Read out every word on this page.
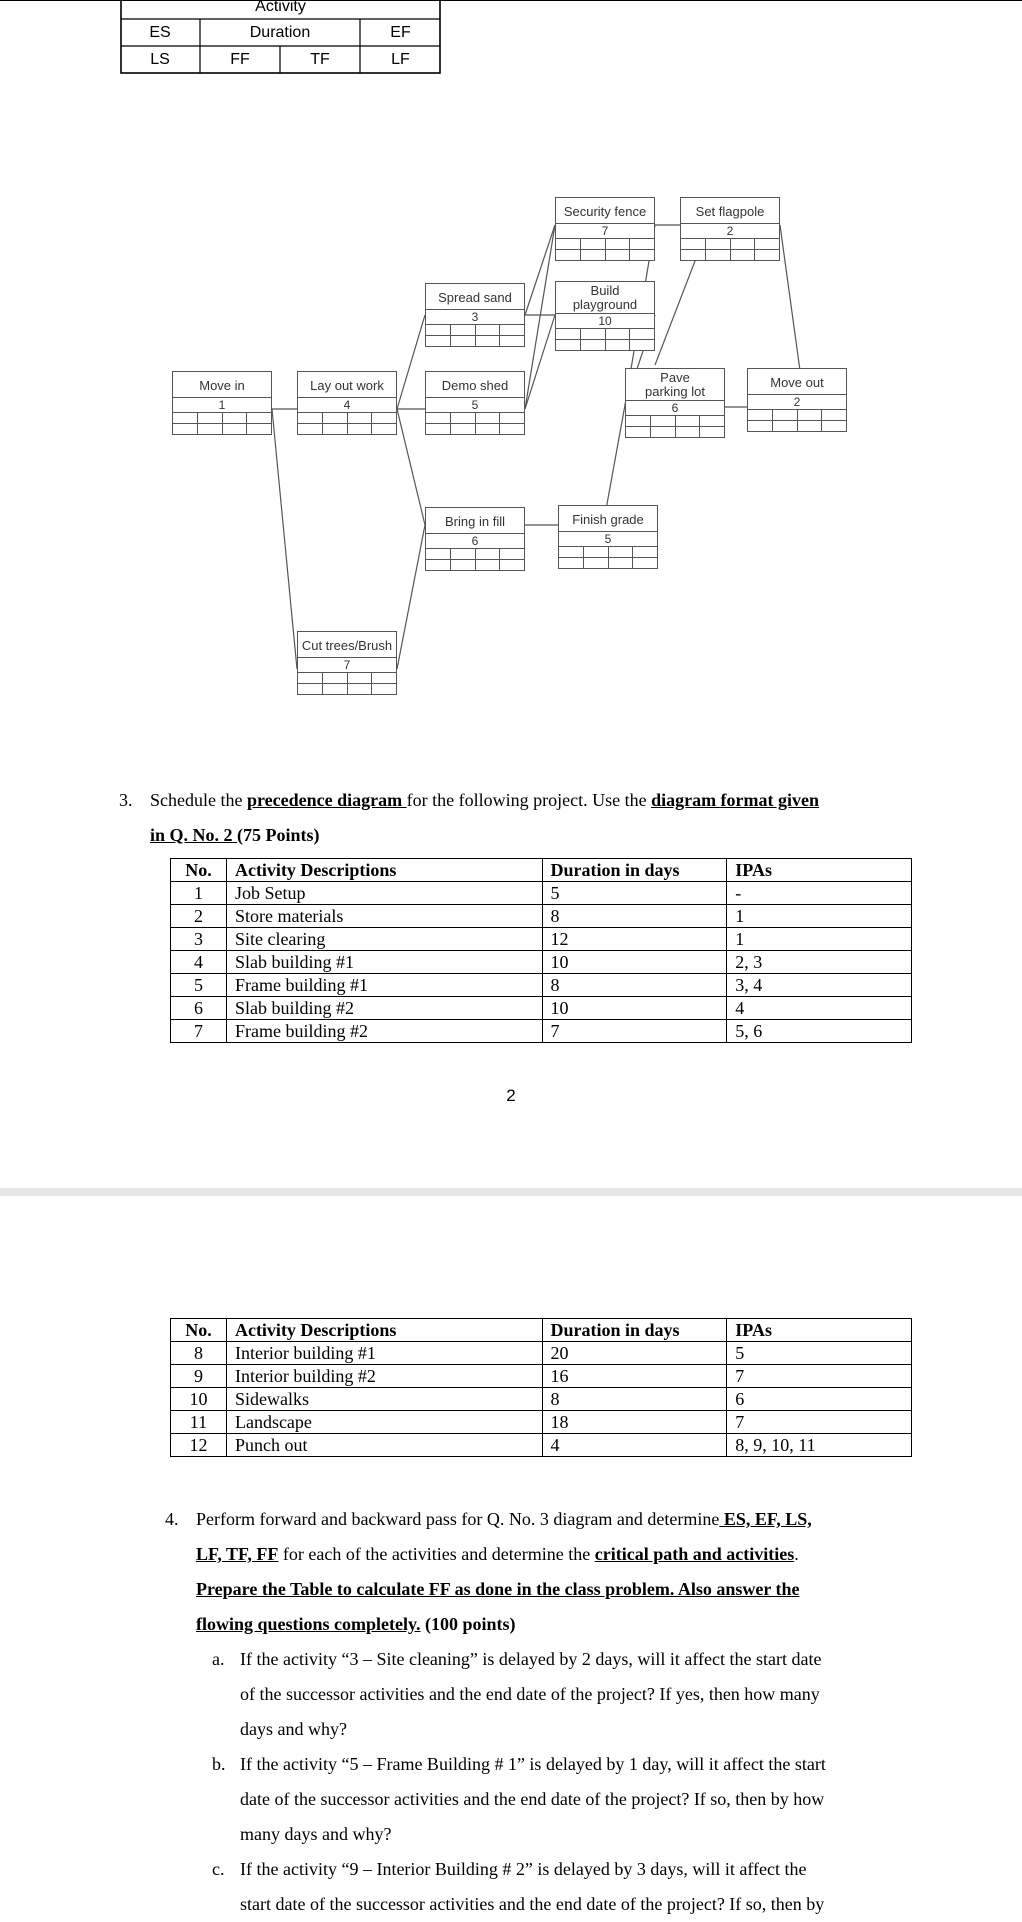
Activity
ES	Duration	EF
LS	FF	TF	LF
Move in
1
Lay out work
4
Cut trees/Brush
7
Spread sand
3
Demo shed
5
Bring in fill
6
Security fence
7
Build playground
10
Finish grade
5
Set flagpole
2
Pave parking lot
6
Move out
2
3. Schedule the precedence diagram for the following project. Use the diagram format given
in Q. No. 2 (75 Points)
No.	Activity Descriptions	Duration in days	IPAs
1	Job Setup	5	-
2	Store materials	8	1
3	Site clearing	12	1
4	Slab building #1	10	2, 3
5	Frame building #1	8	3, 4
6	Slab building #2	10	4
7	Frame building #2	7	5, 6
2
No.	Activity Descriptions	Duration in days	IPAs
8	Interior building #1	20	5
9	Interior building #2	16	7
10	Sidewalks	8	6
11	Landscape	18	7
12	Punch out	4	8, 9, 10, 11
4. Perform forward and backward pass for Q. No. 3 diagram and determine ES, EF, LS,
LF, TF, FF for each of the activities and determine the critical path and activities.
Prepare the Table to calculate FF as done in the class problem. Also answer the
flowing questions completely. (100 points)
a. If the activity “3 – Site cleaning” is delayed by 2 days, will it affect the start date
of the successor activities and the end date of the project? If yes, then how many
days and why?
b. If the activity “5 – Frame Building # 1” is delayed by 1 day, will it affect the start
date of the successor activities and the end date of the project? If so, then by how
many days and why?
c. If the activity “9 – Interior Building # 2” is delayed by 3 days, will it affect the
start date of the successor activities and the end date of the project? If so, then by
